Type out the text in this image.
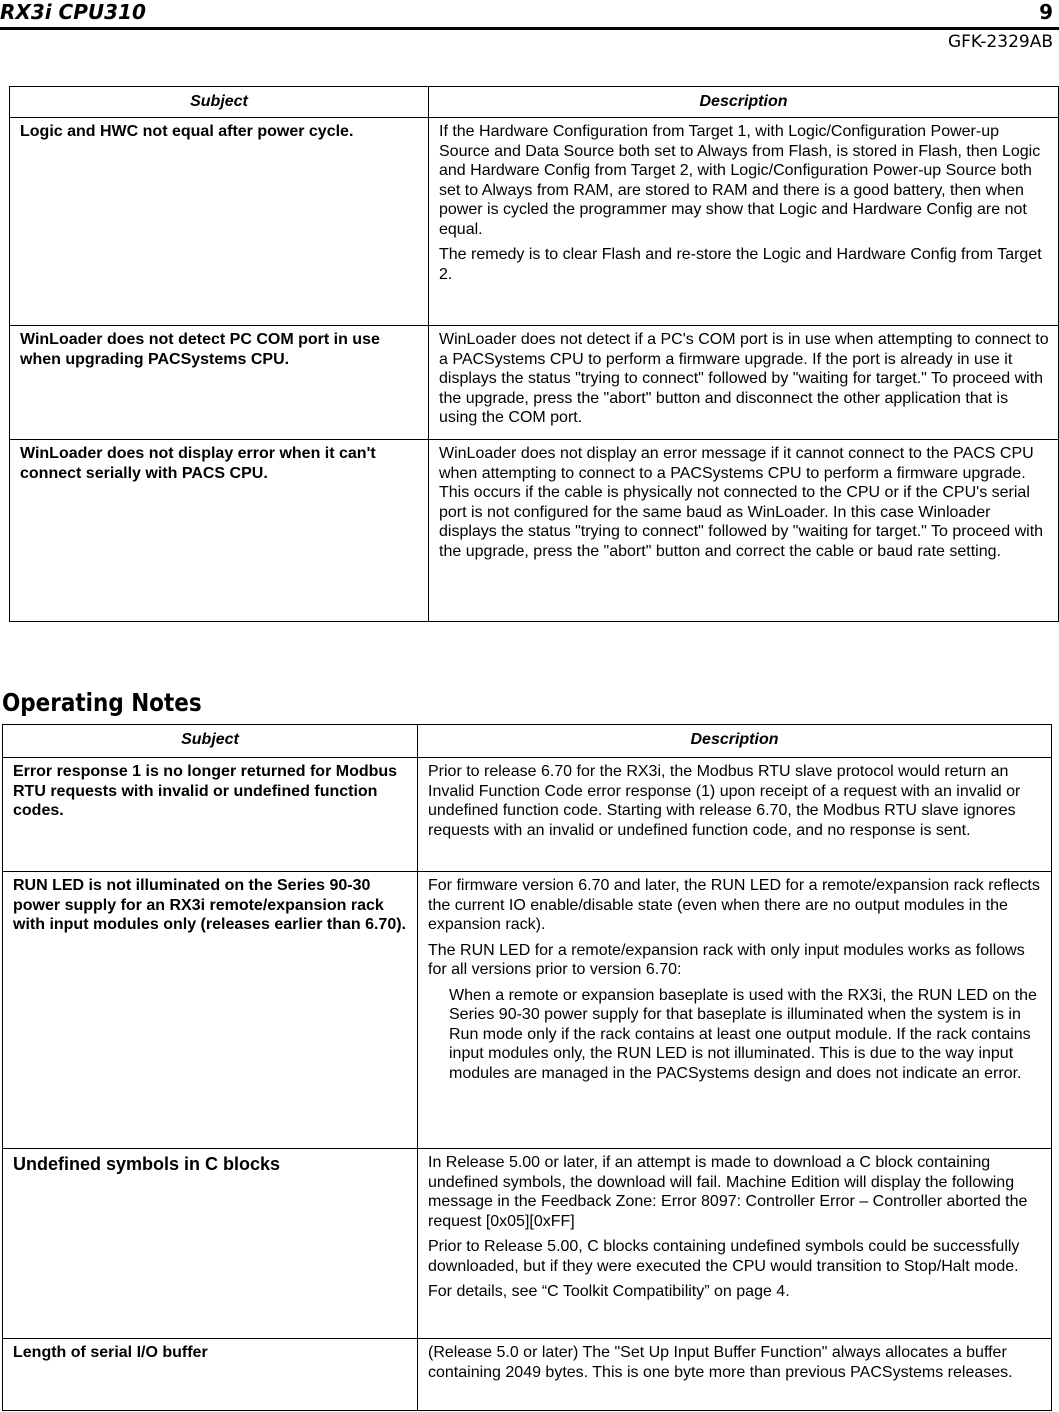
RX3i CPU310	9
GFK-2329AB
Subject	Description
Logic and HWC not equal after power cycle.	If the Hardware Configuration from Target 1, with Logic/Configuration Power-up Source and Data Source both set to Always from Flash, is stored in Flash, then Logic and Hardware Config from Target 2, with Logic/Configuration Power-up Source both set to Always from RAM, are stored to RAM and there is a good battery, then when power is cycled the programmer may show that Logic and Hardware Config are not equal.

The remedy is to clear Flash and re-store the Logic and Hardware Config from Target 2.

WinLoader does not detect PC COM port in use when upgrading PACSystems CPU.	WinLoader does not detect if a PC's COM port is in use when attempting to connect to a PACSystems CPU to perform a firmware upgrade. If the port is already in use it displays the status "trying to connect" followed by "waiting for target." To proceed with the upgrade, press the "abort" button and disconnect the other application that is using the COM port.

WinLoader does not display error when it can't connect serially with PACS CPU.	WinLoader does not display an error message if it cannot connect to the PACS CPU when attempting to connect to a PACSystems CPU to perform a firmware upgrade. This occurs if the cable is physically not connected to the CPU or if the CPU's serial port is not configured for the same baud as WinLoader. In this case Winloader displays the status "trying to connect" followed by "waiting for target." To proceed with the upgrade, press the "abort" button and correct the cable or baud rate setting.

Operating Notes
Subject	Description
Error response 1 is no longer returned for Modbus RTU requests with invalid or undefined function codes.	Prior to release 6.70 for the RX3i, the Modbus RTU slave protocol would return an Invalid Function Code error response (1) upon receipt of a request with an invalid or undefined function code. Starting with release 6.70, the Modbus RTU slave ignores requests with an invalid or undefined function code, and no response is sent.

RUN LED is not illuminated on the Series 90-30 power supply for an RX3i remote/expansion rack with input modules only (releases earlier than 6.70).	For firmware version 6.70 and later, the RUN LED for a remote/expansion rack reflects the current IO enable/disable state (even when there are no output modules in the expansion rack).

The RUN LED for a remote/expansion rack with only input modules works as follows for all versions prior to version 6.70:

When a remote or expansion baseplate is used with the RX3i, the RUN LED on the Series 90-30 power supply for that baseplate is illuminated when the system is in Run mode only if the rack contains at least one output module. If the rack contains input modules only, the RUN LED is not illuminated. This is due to the way input modules are managed in the PACSystems design and does not indicate an error.

Undefined symbols in C blocks	In Release 5.00 or later, if an attempt is made to download a C block containing undefined symbols, the download will fail. Machine Edition will display the following message in the Feedback Zone: Error 8097: Controller Error – Controller aborted the request [0x05][0xFF]

Prior to Release 5.00, C blocks containing undefined symbols could be successfully downloaded, but if they were executed the CPU would transition to Stop/Halt mode.

For details, see “C Toolkit Compatibility” on page 4.

Length of serial I/O buffer	(Release 5.0 or later) The "Set Up Input Buffer Function" always allocates a buffer containing 2049 bytes. This is one byte more than previous PACSystems releases.
